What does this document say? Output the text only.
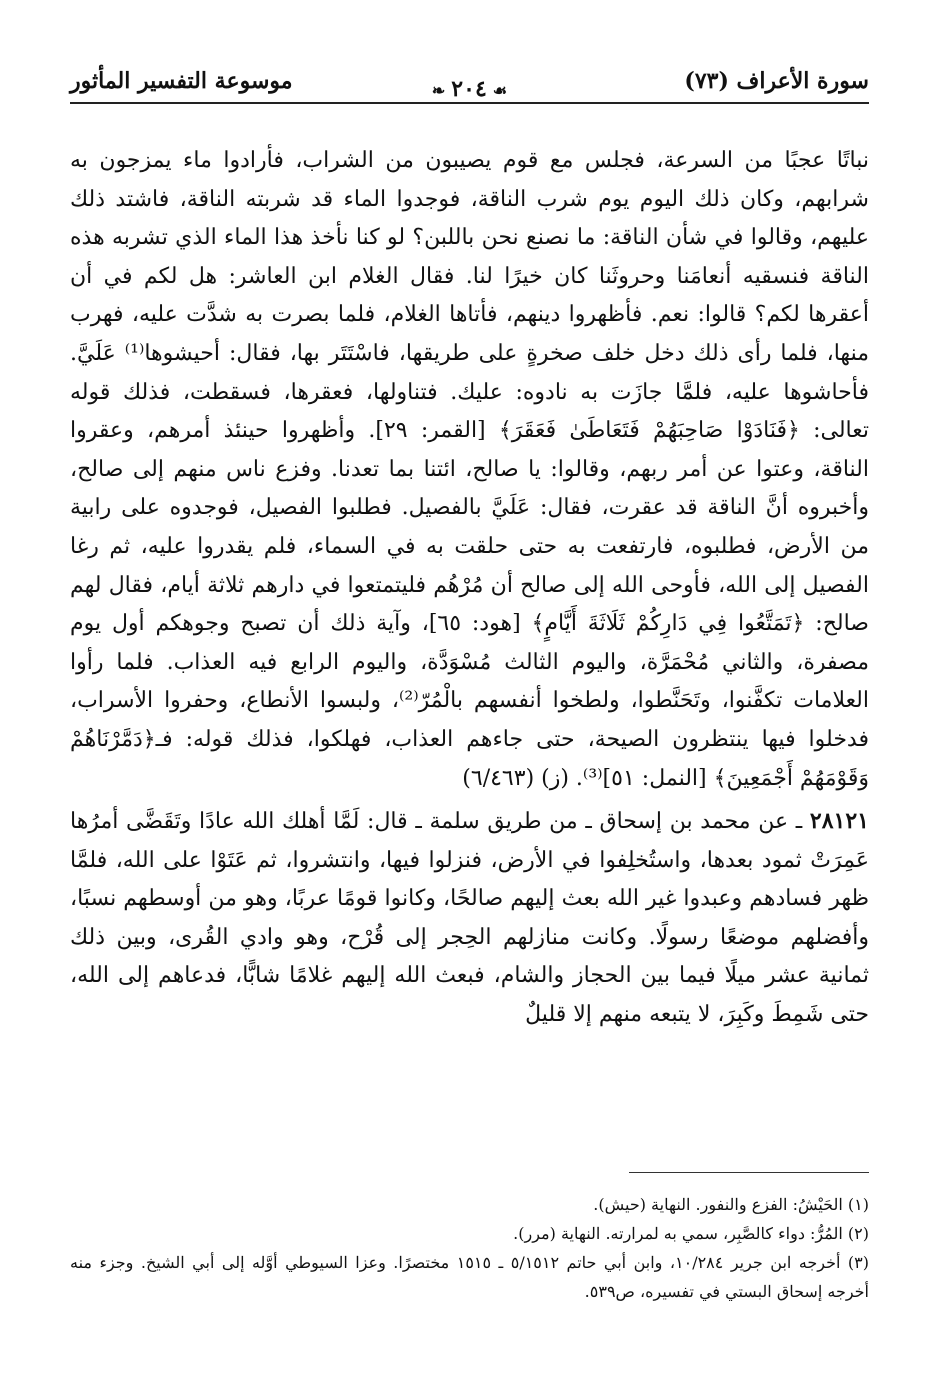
موسوعة التفسير المأثور	❧ ٢٠٤ ☙	سورة الأعراف (٧٣)

نباتًا عجبًا من السرعة، فجلس مع قوم يصيبون من الشراب، فأرادوا ماء يمزجون به شرابهم، وكان ذلك اليوم يوم شرب الناقة، فوجدوا الماء قد شربته الناقة، فاشتد ذلك عليهم، وقالوا في شأن الناقة: ما نصنع نحن باللبن؟ لو كنا نأخذ هذا الماء الذي تشربه هذه الناقة فنسقيه أنعامَنا وحروثَنا كان خيرًا لنا. فقال الغلام ابن العاشر: هل لكم في أن أعقرها لكم؟ قالوا: نعم. فأظهروا دينهم، فأتاها الغلام، فلما بصرت به شدَّت عليه، فهرب منها، فلما رأى ذلك دخل خلف صخرةٍ على طريقها، فاسْتَتَر بها، فقال: أحيشوها⁽¹⁾ عَلَيَّ. فأحاشوها عليه، فلمَّا جازَت به نادوه: عليك. فتناولها، فعقرها، فسقطت، فذلك قوله تعالى: ﴿فَنَادَوْا صَاحِبَهُمْ فَتَعَاطَىٰ فَعَقَرَ﴾ [القمر: ٢٩]. وأظهروا حينئذ أمرهم، وعقروا الناقة، وعتوا عن أمر ربهم، وقالوا: يا صالح، ائتنا بما تعدنا. وفزع ناس منهم إلى صالح، وأخبروه أنَّ الناقة قد عقرت، فقال: عَلَيَّ بالفصيل. فطلبوا الفصيل، فوجدوه على رابية من الأرض، فطلبوه، فارتفعت به حتى حلقت به في السماء، فلم يقدروا عليه، ثم رغا الفصيل إلى الله، فأوحى الله إلى صالح أن مُرْهُم فليتمتعوا في دارهم ثلاثة أيام، فقال لهم صالح: ﴿تَمَتَّعُوا فِي دَارِكُمْ ثَلَاثَةَ أَيَّامٍ﴾ [هود: ٦٥]، وآية ذلك أن تصبح وجوهكم أول يوم مصفرة، والثاني مُحْمَرَّة، واليوم الثالث مُسْوَدَّة، واليوم الرابع فيه العذاب. فلما رأوا العلامات تكفَّنوا، وتَحَنَّطوا، ولطخوا أنفسهم بالْمُرّ⁽²⁾، ولبسوا الأنطاع، وحفروا الأسراب، فدخلوا فيها ينتظرون الصيحة، حتى جاءهم العذاب، فهلكوا، فذلك قوله: فـ﴿دَمَّرْنَاهُمْ وَقَوْمَهُمْ أَجْمَعِينَ﴾ [النمل: ٥١]⁽³⁾. (ز) (٦/٤٦٣)

٢٨١٢١ ـ عن محمد بن إسحاق ـ من طريق سلمة ـ قال: لَمَّا أهلك الله عادًا وتَقَضَّى أمرُها عَمِرَتْ ثمود بعدها، واستُخلِفوا في الأرض، فنزلوا فيها، وانتشروا، ثم عَتَوْا على الله، فلمَّا ظهر فسادهم وعبدوا غير الله بعث إليهم صالحًا، وكانوا قومًا عربًا، وهو من أوسطهم نسبًا، وأفضلهم موضعًا رسولًا. وكانت منازلهم الحِجر إلى قُرْح، وهو وادي القُرى، وبين ذلك ثمانية عشر ميلًا فيما بين الحجاز والشام، فبعث الله إليهم غلامًا شابًّا، فدعاهم إلى الله، حتى شَمِطَ وكَبِرَ، لا يتبعه منهم إلا قليلٌ

(١) الحَيْشُ: الفزع والنفور. النهاية (حيش).

(٢) المُرُّ: دواء كالصَّبِر، سمي به لمرارته. النهاية (مرر).

(٣) أخرجه ابن جرير ١٠/٢٨٤، وابن أبي حاتم ٥/١٥١٢ ـ ١٥١٥ مختصرًا. وعزا السيوطي أوَّله إلى أبي الشيخ. وجزء منه أخرجه إسحاق البستي في تفسيره، ص٥٣٩.
